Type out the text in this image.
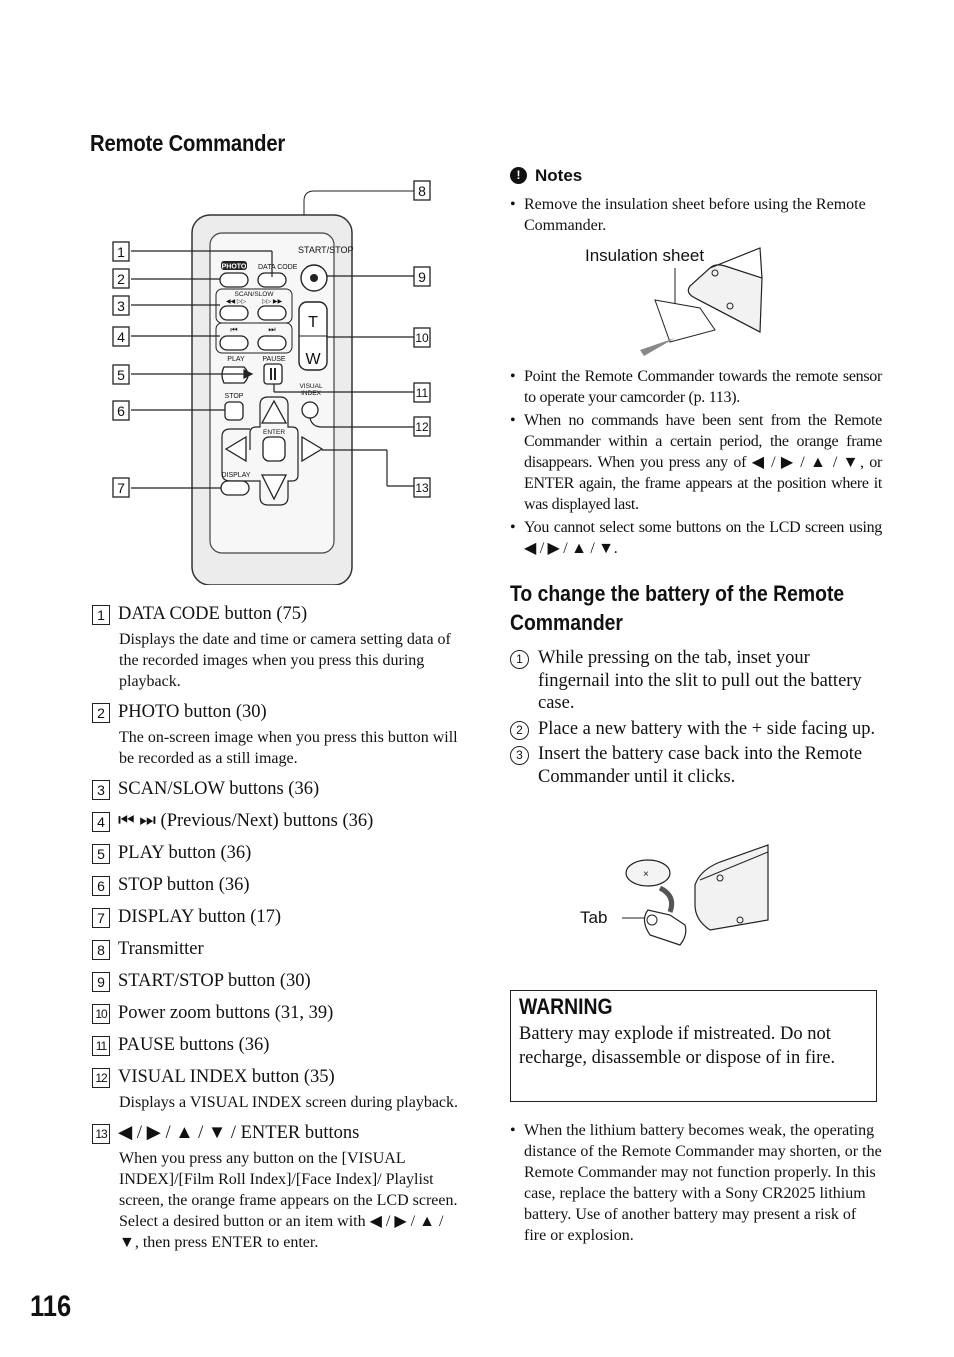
Remote Commander
8
START/STOP
PHOTO DATA CODE
SCAN/SLOW
◀◀ ▷▷	▷▷ ▶▶
⏮	⏭ T
W
PLAY	PAUSE
VISUAL
INDEX
STOP
ENTER
DISPLAY
1
2
3
4
5
6
7
9
10
11
12
13

1 DATA CODE button (75)

Displays the date and time or camera setting data of the recorded images when you press this during playback.

2 PHOTO button (30)

The on-screen image when you press this button will be recorded as a still image.

3 SCAN/SLOW buttons (36)

4 ⏮ ⏭ (Previous/Next) buttons (36)

5 PLAY button (36)

6 STOP button (36)

7 DISPLAY button (17)

8 Transmitter

9 START/STOP button (30)

10 Power zoom buttons (31, 39)

11 PAUSE buttons (36)

12 VISUAL INDEX button (35)

Displays a VISUAL INDEX screen during playback.

13 ◀ / ▶ / ▲ / ▼ / ENTER buttons

When you press any button on the [VISUAL INDEX]/[Film Roll Index]/[Face Index]/ Playlist screen, the orange frame appears on the LCD screen. Select a desired button or an item with ◀ / ▶ / ▲ / ▼, then press ENTER to enter.

116
! Notes
• Remove the insulation sheet before using the Remote Commander.
Insulation sheet
• Point the Remote Commander towards the remote sensor to operate your camcorder (p. 113).
• When no commands have been sent from the Remote Commander within a certain period, the orange frame disappears. When you press any of ◀ / ▶ / ▲ / ▼, or ENTER again, the frame appears at the position where it was displayed last.
• You cannot select some buttons on the LCD screen using ◀ / ▶ / ▲ / ▼.
To change the battery of the Remote Commander
1 While pressing on the tab, inset your fingernail into the slit to pull out the battery case.
2 Place a new battery with the + side facing up.
3 Insert the battery case back into the Remote Commander until it clicks.
Tab
×
WARNING
Battery may explode if mistreated. Do not recharge, disassemble or dispose of in fire.
• When the lithium battery becomes weak, the operating distance of the Remote Commander may shorten, or the Remote Commander may not function properly. In this case, replace the battery with a Sony CR2025 lithium battery. Use of another battery may present a risk of fire or explosion.
